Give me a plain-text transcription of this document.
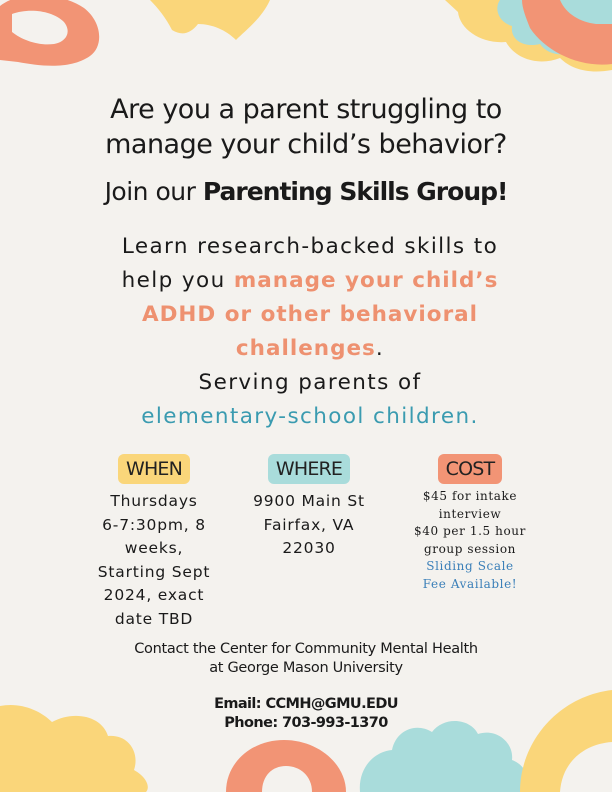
Are you a parent struggling to
manage your child’s behavior?
Join our Parenting Skills Group!
Learn research-backed skills to
help you manage your child’s
ADHD or other behavioral
challenges.
Serving parents of
elementary-school children.
WHEN
Thursdays
6-7:30pm, 8
weeks,
Starting Sept
2024, exact
date TBD
WHERE
9900 Main St
Fairfax, VA
22030
COST
$45 for intake
interview
$40 per 1.5 hour
group session
Sliding Scale
Fee Available!
Contact the Center for Community Mental Health
at George Mason University
Email: CCMH@GMU.EDU
Phone: 703-993-1370
